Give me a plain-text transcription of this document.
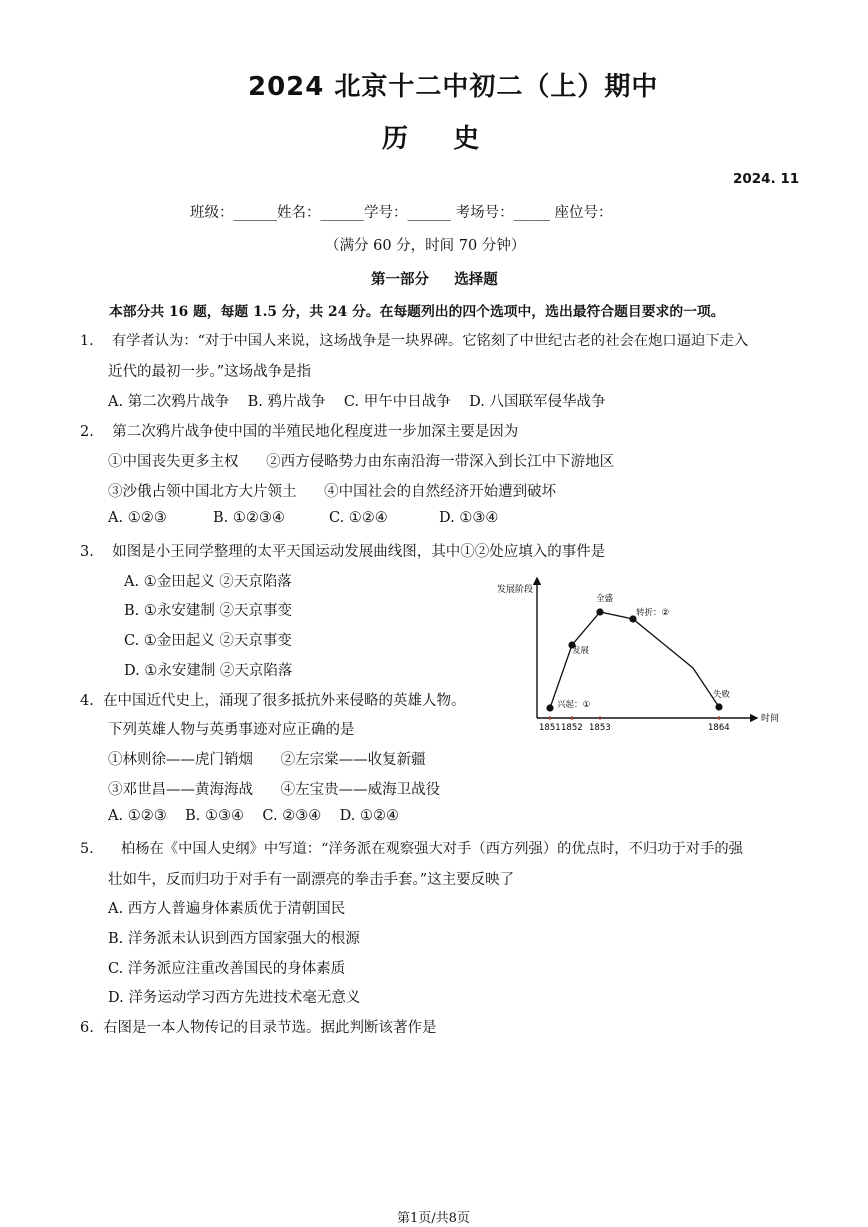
2024 北京十二中初二（上）期中
历     史
2024. 11
班级：______姓名：______学号：______ 考场号：_____ 座位号：
（满分 60 分，时间 70 分钟）
第一部分     选择题
本部分共 16 题，每题 1.5 分，共 24 分。在每题列出的四个选项中，选出最符合题目要求的一项。
1.    有学者认为：“对于中国人来说，这场战争是一块界碑。它铭刻了中世纪古老的社会在炮口逼迫下走入
近代的最初一步。”这场战争是指
A. 第二次鸦片战争    B. 鸦片战争    C. 甲午中日战争    D. 八国联军侵华战争
2.    第二次鸦片战争使中国的半殖民地化程度进一步加深主要是因为
①中国丧失更多主权      ②西方侵略势力由东南沿海一带深入到长江中下游地区
③沙俄占领中国北方大片领土      ④中国社会的自然经济开始遭到破坏
A. ①②③	B. ①②③④	C. ①②④	D. ①③④
3.    如图是小王同学整理的太平天国运动发展曲线图，其中①②处应填入的事件是
A. ①金田起义 ②天京陷落
B. ①永安建制 ②天京事变
C. ①金田起义 ②天京事变
D. ①永安建制 ②天京陷落
发展阶段
时间
兴起：①
发展
全盛
转折：②
失败
1851 1852 1853	1864
4.  在中国近代史上，涌现了很多抵抗外来侵略的英雄人物。
下列英雄人物与英勇事迹对应正确的是
①林则徐——虎门销烟      ②左宗棠——收复新疆
③邓世昌——黄海海战      ④左宝贵——威海卫战役
A. ①②③    B. ①③④    C. ②③④    D. ①②④
5.      柏杨在《中国人史纲》中写道：“洋务派在观察强大对手（西方列强）的优点时，不归功于对手的强
壮如牛，反而归功于对手有一副漂亮的拳击手套。”这主要反映了
A. 西方人普遍身体素质优于清朝国民
B. 洋务派未认识到西方国家强大的根源
C. 洋务派应注重改善国民的身体素质
D. 洋务运动学习西方先进技术毫无意义
6.  右图是一本人物传记的目录节选。据此判断该著作是
第1页/共8页
